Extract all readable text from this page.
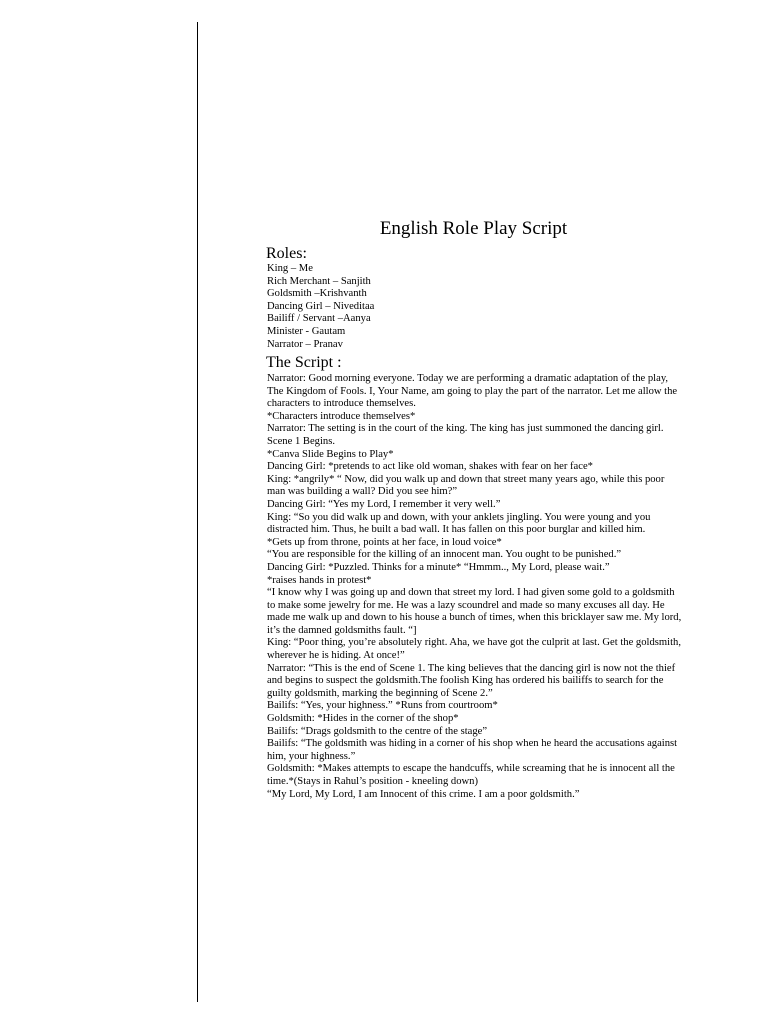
English Role Play Script
Roles:
King – Me
Rich Merchant – Sanjith
Goldsmith –Krishvanth
Dancing Girl – Niveditaa
Bailiff / Servant –Aanya
Minister - Gautam
Narrator – Pranav
The Script :

Narrator: Good morning everyone. Today we are performing a dramatic adaptation of the play, The Kingdom of Fools. I, Your Name, am going to play the part of the narrator. Let me allow the characters to introduce themselves.

*Characters introduce themselves*

Narrator: The setting is in the court of the king. The king has just summoned the dancing girl. Scene 1 Begins.

*Canva Slide Begins to Play*

Dancing Girl: *pretends to act like old woman, shakes with fear on her face*

King: *angrily* “ Now, did you walk up and down that street many years ago, while this poor man was building a wall? Did you see him?”

Dancing Girl: “Yes my Lord, I remember it very well.”

King: “So you did walk up and down, with your anklets jingling. You were young and you distracted him. Thus, he built a bad wall. It has fallen on this poor burglar and killed him.

*Gets up from throne, points at her face, in loud voice*

“You are responsible for the killing of an innocent man. You ought to be punished.”

Dancing Girl: *Puzzled. Thinks for a minute* “Hmmm.., My Lord, please wait.”

*raises hands in protest*

“I know why I was going up and down that street my lord. I had given some gold to a goldsmith to make some jewelry for me. He was a lazy scoundrel and made so many excuses all day. He made me walk up and down to his house a bunch of times, when this bricklayer saw me. My lord, it’s the damned goldsmiths fault. “]

King: “Poor thing, you’re absolutely right. Aha, we have got the culprit at last. Get the goldsmith, wherever he is hiding. At once!”

Narrator: “This is the end of Scene 1. The king believes that the dancing girl is now not the thief and begins to suspect the goldsmith.The foolish King has ordered his bailiffs to search for the guilty goldsmith, marking the beginning of Scene 2.”

Bailifs: “Yes, your highness.” *Runs from courtroom*

Goldsmith: *Hides in the corner of the shop*

Bailifs: “Drags goldsmith to the centre of the stage”

Bailifs: “The goldsmith was hiding in a corner of his shop when he heard the accusations against him, your highness.”

Goldsmith: *Makes attempts to escape the handcuffs, while screaming that he is innocent all the time.*(Stays in Rahul’s position - kneeling down)

“My Lord, My Lord, I am Innocent of this crime. I am a poor goldsmith.”
